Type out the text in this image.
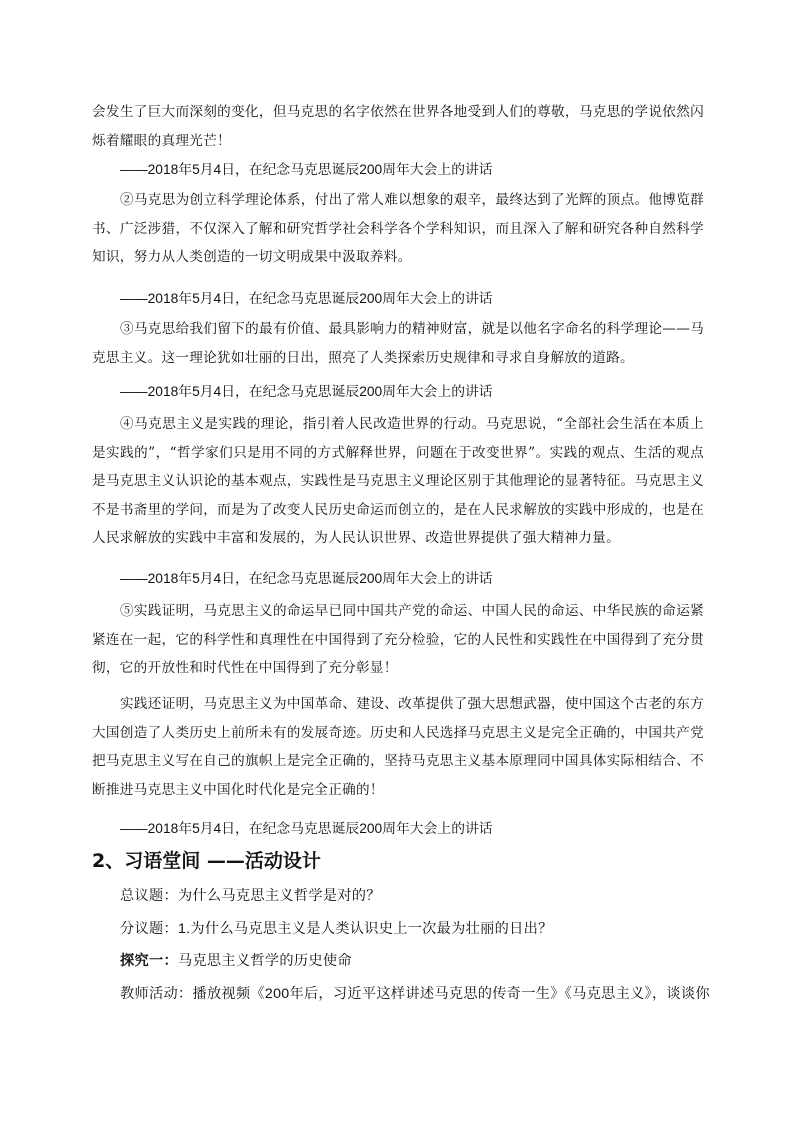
会发生了巨大而深刻的变化，但马克思的名字依然在世界各地受到人们的尊敬，马克思的学说依然闪烁着耀眼的真理光芒！

——2018年5月4日，在纪念马克思诞辰200周年大会上的讲话

②马克思为创立科学理论体系，付出了常人难以想象的艰辛，最终达到了光辉的顶点。他博览群书、广泛涉猎，不仅深入了解和研究哲学社会科学各个学科知识，而且深入了解和研究各种自然科学知识，努力从人类创造的一切文明成果中汲取养料。

——2018年5月4日，在纪念马克思诞辰200周年大会上的讲话

③马克思给我们留下的最有价值、最具影响力的精神财富，就是以他名字命名的科学理论——马克思主义。这一理论犹如壮丽的日出，照亮了人类探索历史规律和寻求自身解放的道路。

——2018年5月4日，在纪念马克思诞辰200周年大会上的讲话

④马克思主义是实践的理论，指引着人民改造世界的行动。马克思说，“全部社会生活在本质上是实践的”，“哲学家们只是用不同的方式解释世界，问题在于改变世界”。实践的观点、生活的观点是马克思主义认识论的基本观点，实践性是马克思主义理论区别于其他理论的显著特征。马克思主义不是书斋里的学问，而是为了改变人民历史命运而创立的，是在人民求解放的实践中形成的，也是在人民求解放的实践中丰富和发展的，为人民认识世界、改造世界提供了强大精神力量。

——2018年5月4日，在纪念马克思诞辰200周年大会上的讲话

⑤实践证明，马克思主义的命运早已同中国共产党的命运、中国人民的命运、中华民族的命运紧紧连在一起，它的科学性和真理性在中国得到了充分检验，它的人民性和实践性在中国得到了充分贯彻，它的开放性和时代性在中国得到了充分彰显！

实践还证明，马克思主义为中国革命、建设、改革提供了强大思想武器，使中国这个古老的东方大国创造了人类历史上前所未有的发展奇迹。历史和人民选择马克思主义是完全正确的，中国共产党把马克思主义写在自己的旗帜上是完全正确的，坚持马克思主义基本原理同中国具体实际相结合、不断推进马克思主义中国化时代化是完全正确的！

——2018年5月4日，在纪念马克思诞辰200周年大会上的讲话

2、习语堂间 ——活动设计

总议题：为什么马克思主义哲学是对的？

分议题：1.为什么马克思主义是人类认识史上一次最为壮丽的日出？

探究一：马克思主义哲学的历史使命

教师活动：播放视频《200年后，习近平这样讲述马克思的传奇一生》《马克思主义》，谈谈你
